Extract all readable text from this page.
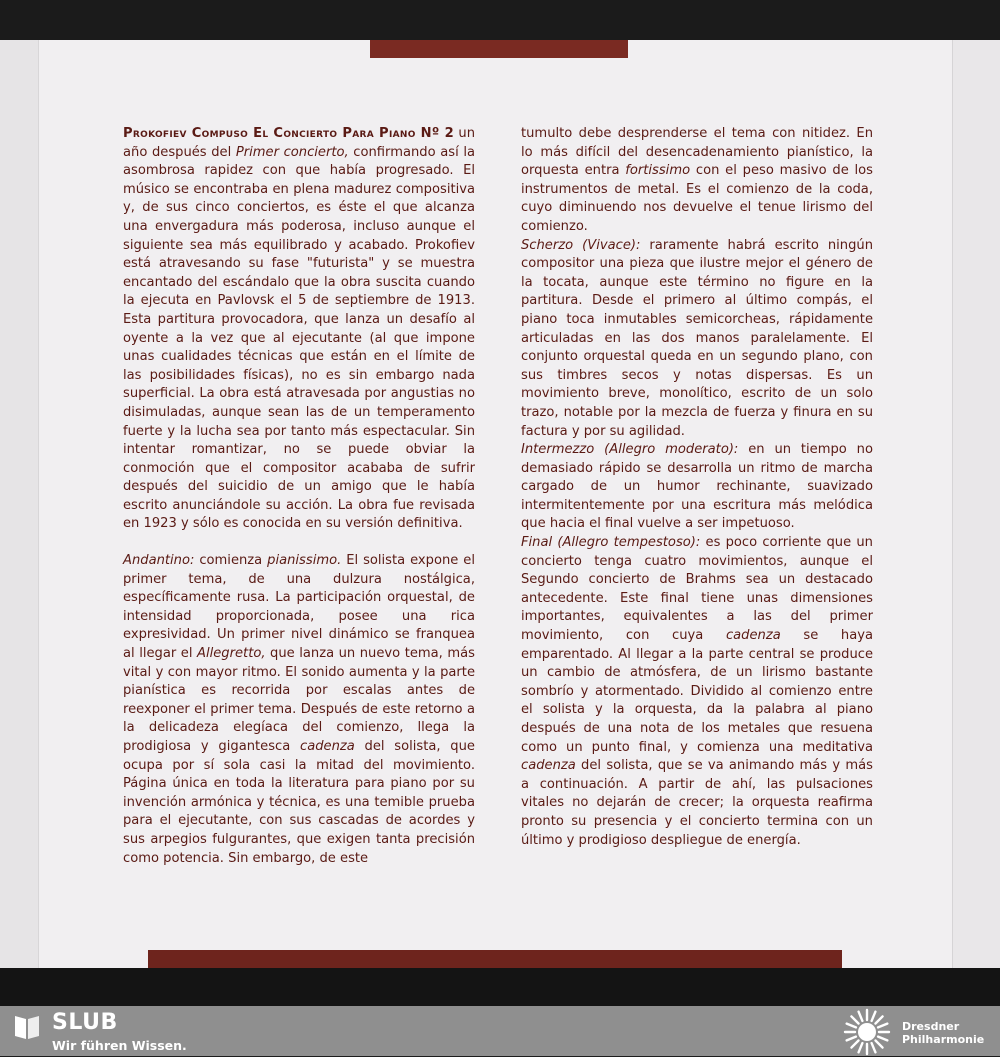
Prokofiev Compuso El Concierto Para Piano Nº 2 un año después del Primer concierto, confirmando así la asombrosa rapidez con que había progresado. El músico se encontraba en plena madurez compositiva y, de sus cinco conciertos, es éste el que alcanza una envergadura más poderosa, incluso aunque el siguiente sea más equilibrado y acabado. Prokofiev está atravesando su fase "futurista" y se muestra encantado del escándalo que la obra suscita cuando la ejecuta en Pavlovsk el 5 de septiembre de 1913. Esta partitura provocadora, que lanza un desafío al oyente a la vez que al ejecutante (al que impone unas cualidades técnicas que están en el límite de las posibilidades físicas), no es sin embargo nada superficial. La obra está atravesada por angustias no disimuladas, aunque sean las de un temperamento fuerte y la lucha sea por tanto más espectacular. Sin intentar romantizar, no se puede obviar la conmoción que el compositor acababa de sufrir después del suicidio de un amigo que le había escrito anunciándole su acción. La obra fue revisada en 1923 y sólo es conocida en su versión definitiva.

Andantino: comienza pianissimo. El solista expone el primer tema, de una dulzura nostálgica, específicamente rusa. La participación orquestal, de intensidad proporcionada, posee una rica expresividad. Un primer nivel dinámico se franquea al llegar el Allegretto, que lanza un nuevo tema, más vital y con mayor ritmo. El sonido aumenta y la parte pianística es recorrida por escalas antes de reexponer el primer tema. Después de este retorno a la delicadeza elegíaca del comienzo, llega la prodigiosa y gigantesca cadenza del solista, que ocupa por sí sola casi la mitad del movimiento. Página única en toda la literatura para piano por su invención armónica y técnica, es una temible prueba para el ejecutante, con sus cascadas de acordes y sus arpegios fulgurantes, que exigen tanta precisión como potencia. Sin embargo, de este

tumulto debe desprenderse el tema con nitidez. En lo más difícil del desencadenamiento pianístico, la orquesta entra fortissimo con el peso masivo de los instrumentos de metal. Es el comienzo de la coda, cuyo diminuendo nos devuelve el tenue lirismo del comienzo.

Scherzo (Vivace): raramente habrá escrito ningún compositor una pieza que ilustre mejor el género de la tocata, aunque este término no figure en la partitura. Desde el primero al último compás, el piano toca inmutables semicorcheas, rápidamente articuladas en las dos manos paralelamente. El conjunto orquestal queda en un segundo plano, con sus timbres secos y notas dispersas. Es un movimiento breve, monolítico, escrito de un solo trazo, notable por la mezcla de fuerza y finura en su factura y por su agilidad.

Intermezzo (Allegro moderato): en un tiempo no demasiado rápido se desarrolla un ritmo de marcha cargado de un humor rechinante, suavizado intermitentemente por una escritura más melódica que hacia el final vuelve a ser impetuoso.

Final (Allegro tempestoso): es poco corriente que un concierto tenga cuatro movimientos, aunque el Segundo concierto de Brahms sea un destacado antecedente. Este final tiene unas dimensiones importantes, equivalentes a las del primer movimiento, con cuya cadenza se haya emparentado. Al llegar a la parte central se produce un cambio de atmósfera, de un lirismo bastante sombrío y atormentado. Dividido al comienzo entre el solista y la orquesta, da la palabra al piano después de una nota de los metales que resuena como un punto final, y comienza una meditativa cadenza del solista, que se va animando más y más a continuación. A partir de ahí, las pulsaciones vitales no dejarán de crecer; la orquesta reafirma pronto su presencia y el concierto termina con un último y prodigioso despliegue de energía.

SLUB
Wir führen Wissen.
Dresdner
Philharmonie
